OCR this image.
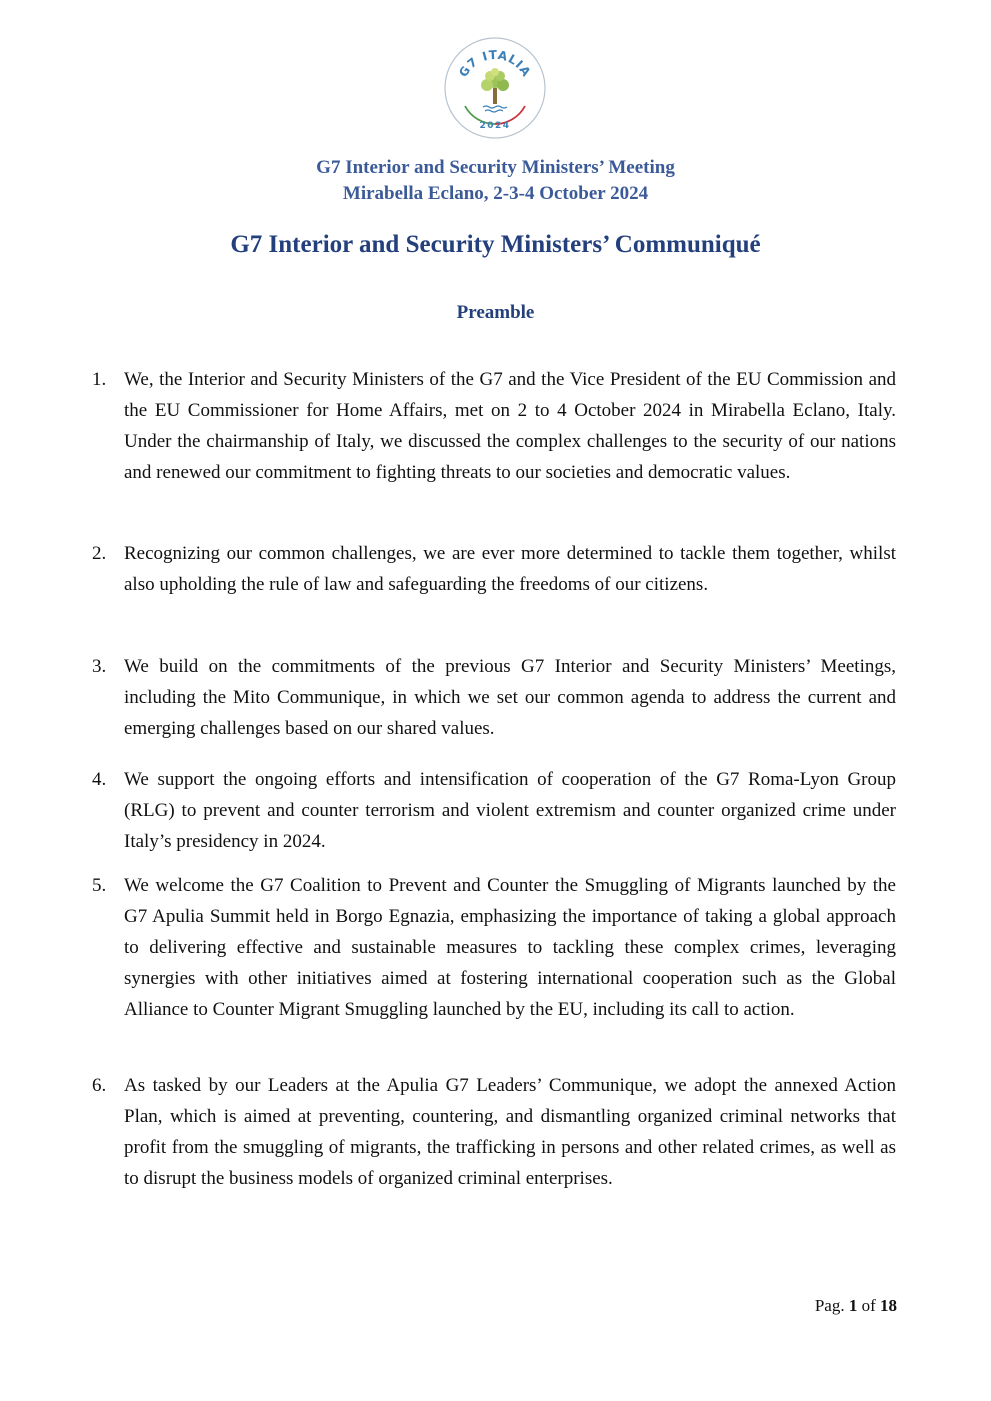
G7 ITALIA
2024
G7 Interior and Security Ministers’ Meeting
Mirabella Eclano, 2-3-4 October 2024
G7 Interior and Security Ministers’ Communiqué
Preamble
1. We, the Interior and Security Ministers of the G7 and the Vice President of the EU Commission and the EU Commissioner for Home Affairs, met on 2 to 4 October 2024 in Mirabella Eclano, Italy. Under the chairmanship of Italy, we discussed the complex challenges to the security of our nations and renewed our commitment to fighting threats to our societies and democratic values.
2. Recognizing our common challenges, we are ever more determined to tackle them together, whilst also upholding the rule of law and safeguarding the freedoms of our citizens.
3. We build on the commitments of the previous G7 Interior and Security Ministers’ Meetings, including the Mito Communique, in which we set our common agenda to address the current and emerging challenges based on our shared values.
4. We support the ongoing efforts and intensification of cooperation of the G7 Roma-Lyon Group (RLG) to prevent and counter terrorism and violent extremism and counter organized crime under Italy’s presidency in 2024.
5. We welcome the G7 Coalition to Prevent and Counter the Smuggling of Migrants launched by the G7 Apulia Summit held in Borgo Egnazia, emphasizing the importance of taking a global approach to delivering effective and sustainable measures to tackling these complex crimes, leveraging synergies with other initiatives aimed at fostering international cooperation such as the Global Alliance to Counter Migrant Smuggling launched by the EU, including its call to action.
6. As tasked by our Leaders at the Apulia G7 Leaders’ Communique, we adopt the annexed Action Plan, which is aimed at preventing, countering, and dismantling organized criminal networks that profit from the smuggling of migrants, the trafficking in persons and other related crimes, as well as to disrupt the business models of organized criminal enterprises.
Pag. 1 of 18
